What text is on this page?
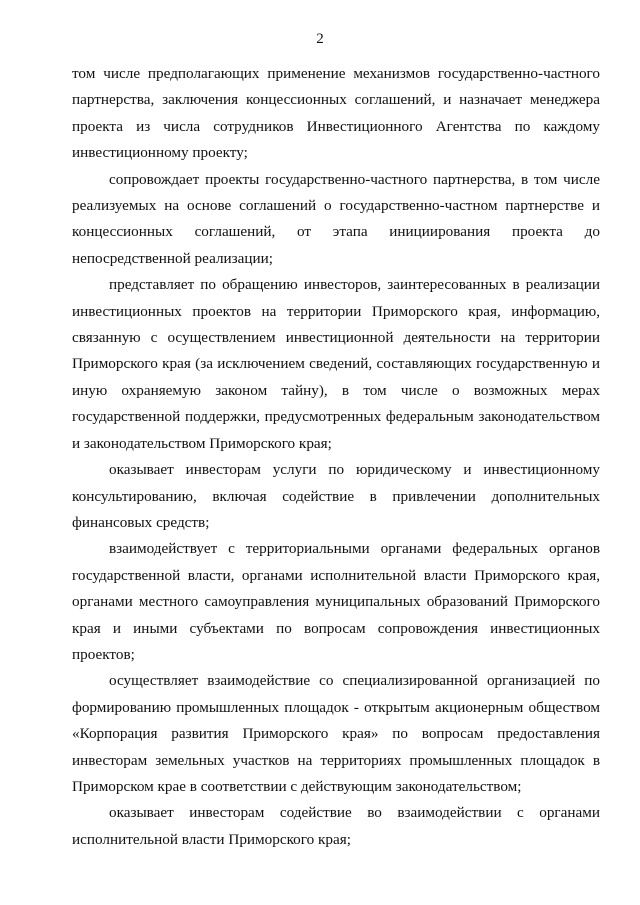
2

том числе предполагающих применение механизмов государственно-частного партнерства, заключения концессионных соглашений, и назначает менеджера проекта из числа сотрудников Инвестиционного Агентства по каждому инвестиционному проекту;

сопровождает проекты государственно-частного партнерства, в том числе реализуемых на основе соглашений о государственно-частном партнерстве и концессионных соглашений, от этапа инициирования проекта до непосредственной реализации;

представляет по обращению инвесторов, заинтересованных в реализации инвестиционных проектов на территории Приморского края, информацию, связанную с осуществлением инвестиционной деятельности на территории Приморского края (за исключением сведений, составляющих государственную и иную охраняемую законом тайну), в том числе о возможных мерах государственной поддержки, предусмотренных федеральным законодательством и законодательством Приморского края;

оказывает инвесторам услуги по юридическому и инвестиционному консультированию, включая содействие в привлечении дополнительных финансовых средств;

взаимодействует с территориальными органами федеральных органов государственной власти, органами исполнительной власти Приморского края, органами местного самоуправления муниципальных образований Приморского края и иными субъектами по вопросам сопровождения инвестиционных проектов;

осуществляет взаимодействие со специализированной организацией по формированию промышленных площадок - открытым акционерным обществом «Корпорация развития Приморского края» по вопросам предоставления инвесторам земельных участков на территориях промышленных площадок в Приморском крае в соответствии с действующим законодательством;

оказывает инвесторам содействие во взаимодействии с органами исполнительной власти Приморского края;
